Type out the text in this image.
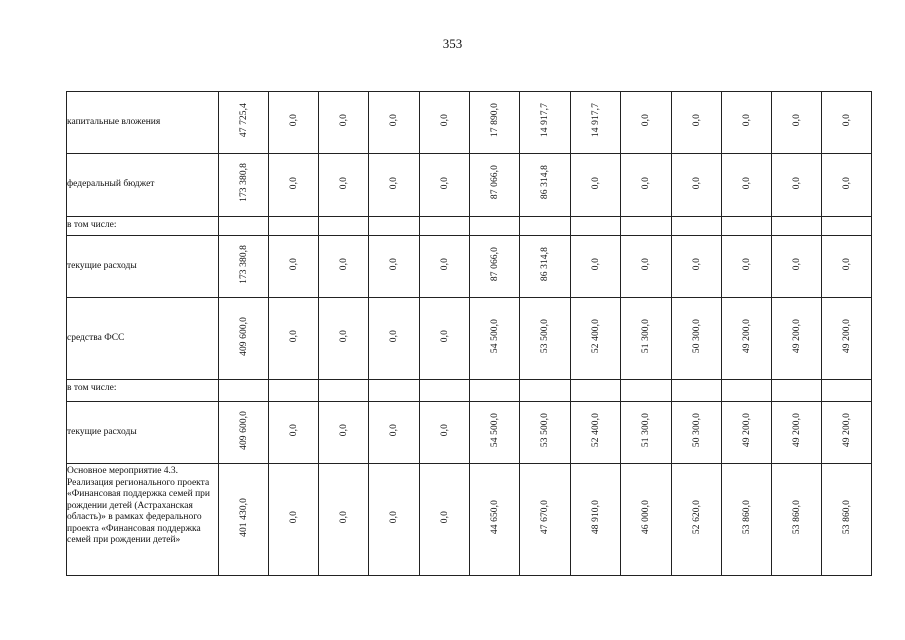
353
капитальные вложения	47 725,4	0,0	0,0	0,0	0,0	17 890,0	14 917,7	14 917,7	0,0	0,0	0,0	0,0	0,0
федеральный бюджет	173 380,8	0,0	0,0	0,0	0,0	87 066,0	86 314,8	0,0	0,0	0,0	0,0	0,0	0,0
в том числе:													
текущие расходы	173 380,8	0,0	0,0	0,0	0,0	87 066,0	86 314,8	0,0	0,0	0,0	0,0	0,0	0,0
средства ФСС	409 600,0	0,0	0,0	0,0	0,0	54 500,0	53 500,0	52 400,0	51 300,0	50 300,0	49 200,0	49 200,0	49 200,0
в том числе:													
текущие расходы	409 600,0	0,0	0,0	0,0	0,0	54 500,0	53 500,0	52 400,0	51 300,0	50 300,0	49 200,0	49 200,0	49 200,0
Основное мероприятие 4.3. Реализация регионального проекта «Финансовая поддержка семей при рождении детей (Астраханская область)» в рамках федерального проекта «Финансовая поддержка семей при рождении детей»	401 430,0	0,0	0,0	0,0	0,0	44 650,0	47 670,0	48 910,0	46 000,0	52 620,0	53 860,0	53 860,0	53 860,0
